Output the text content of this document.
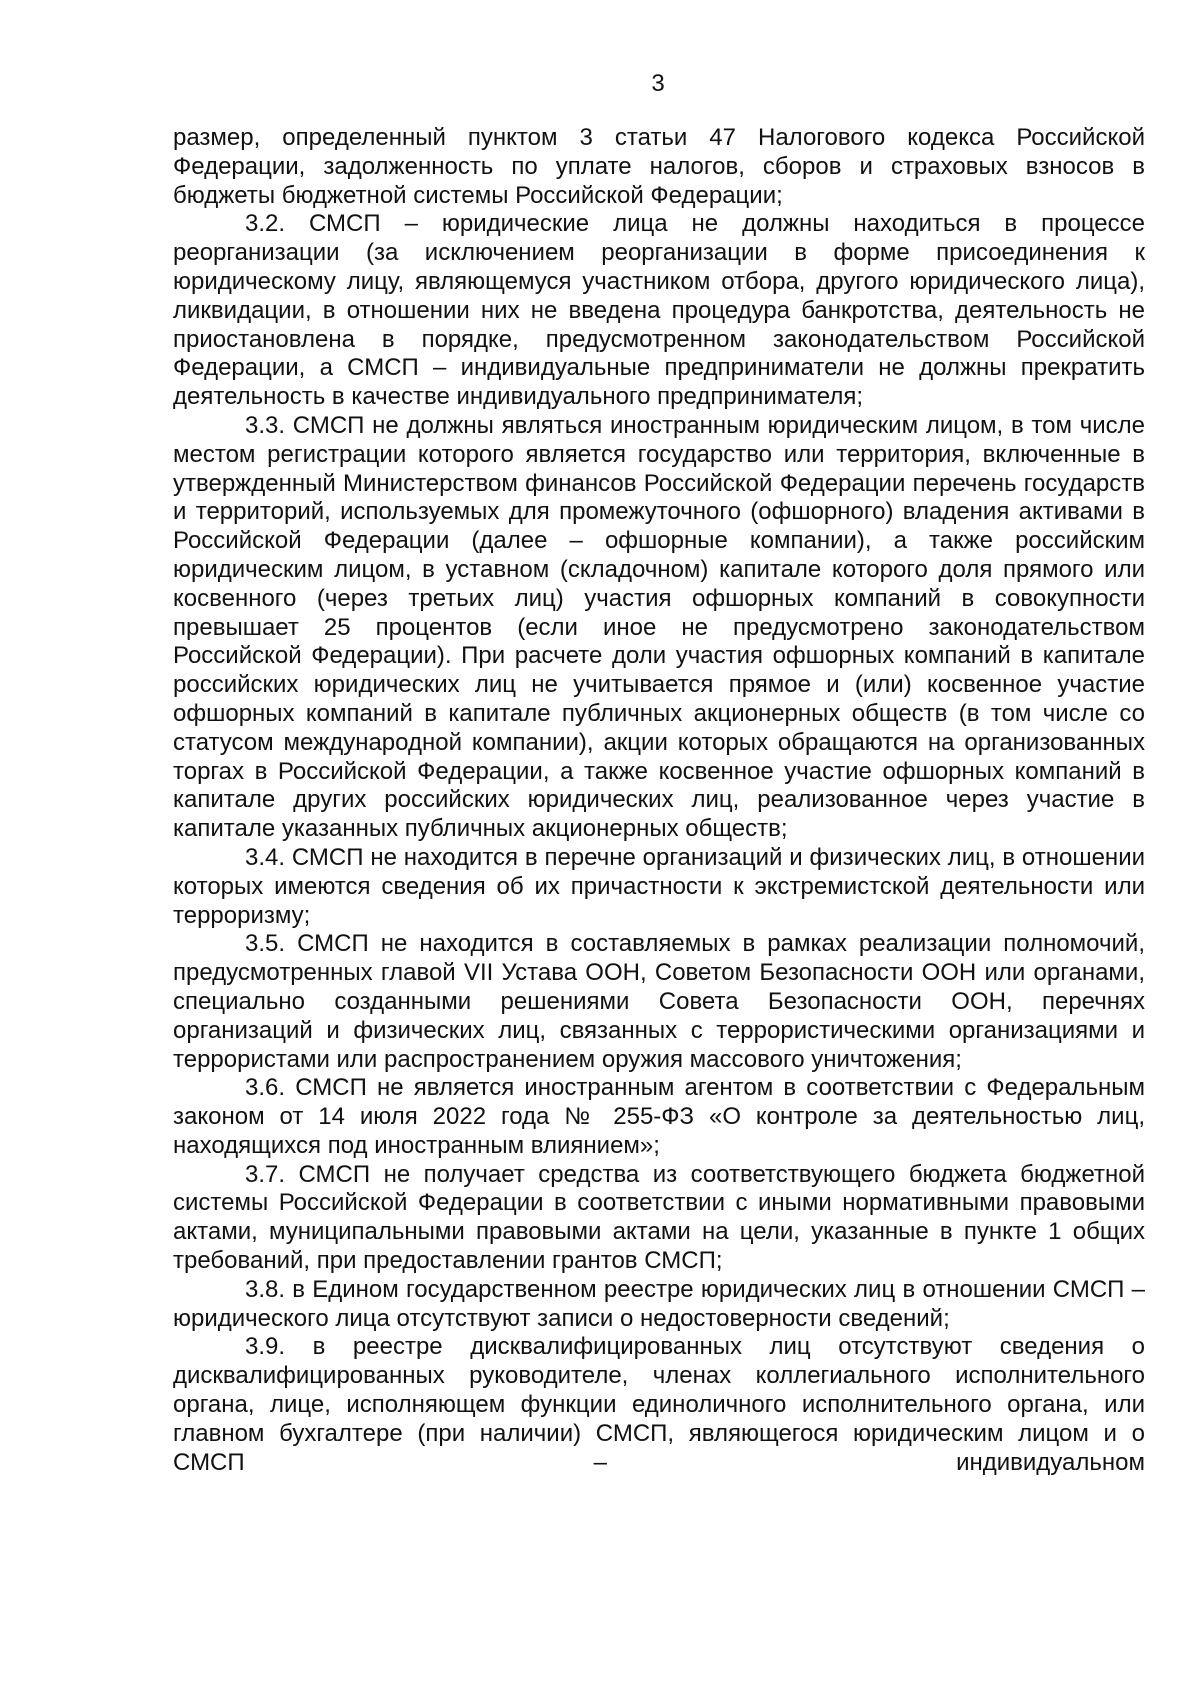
3

размер, определенный пунктом 3 статьи 47 Налогового кодекса Российской Федерации, задолженность по уплате налогов, сборов и страховых взносов в бюджеты бюджетной системы Российской Федерации;

3.2. СМСП – юридические лица не должны находиться в процессе реорганизации (за исключением реорганизации в форме присоединения к юридическому лицу, являющемуся участником отбора, другого юридического лица), ликвидации, в отношении них не введена процедура банкротства, деятельность не приостановлена в порядке, предусмотренном законодательством Российской Федерации, а СМСП – индивидуальные предприниматели не должны прекратить деятельность в качестве индивидуального предпринимателя;

3.3. СМСП не должны являться иностранным юридическим лицом, в том числе местом регистрации которого является государство или территория, включенные в утвержденный Министерством финансов Российской Федерации перечень государств и территорий, используемых для промежуточного (офшорного) владения активами в Российской Федерации (далее – офшорные компании), а также российским юридическим лицом, в уставном (складочном) капитале которого доля прямого или косвенного (через третьих лиц) участия офшорных компаний в совокупности превышает 25 процентов (если иное не предусмотрено законодательством Российской Федерации). При расчете доли участия офшорных компаний в капитале российских юридических лиц не учитывается прямое и (или) косвенное участие офшорных компаний в капитале публичных акционерных обществ (в том числе со статусом международной компании), акции которых обращаются на организованных торгах в Российской Федерации, а также косвенное участие офшорных компаний в капитале других российских юридических лиц, реализованное через участие в капитале указанных публичных акционерных обществ;

3.4. СМСП не находится в перечне организаций и физических лиц, в отношении которых имеются сведения об их причастности к экстремистской деятельности или терроризму;

3.5. СМСП не находится в составляемых в рамках реализации полномочий, предусмотренных главой VII Устава ООН, Советом Безопасности ООН или органами, специально созданными решениями Совета Безопасности ООН, перечнях организаций и физических лиц, связанных с террористическими организациями и террористами или распространением оружия массового уничтожения;

3.6. СМСП не является иностранным агентом в соответствии с Федеральным законом от 14 июля 2022 года № 255-ФЗ «О контроле за деятельностью лиц, находящихся под иностранным влиянием»;

3.7. СМСП не получает средства из соответствующего бюджета бюджетной системы Российской Федерации в соответствии с иными нормативными правовыми актами, муниципальными правовыми актами на цели, указанные в пункте 1 общих требований, при предоставлении грантов СМСП;

3.8. в Едином государственном реестре юридических лиц в отношении СМСП – юридического лица отсутствуют записи о недостоверности сведений;

3.9. в реестре дисквалифицированных лиц отсутствуют сведения о дисквалифицированных руководителе, членах коллегиального исполнительного органа, лице, исполняющем функции единоличного исполнительного органа, или главном бухгалтере (при наличии) СМСП, являющегося юридическим лицом и о СМСП – индивидуальном
